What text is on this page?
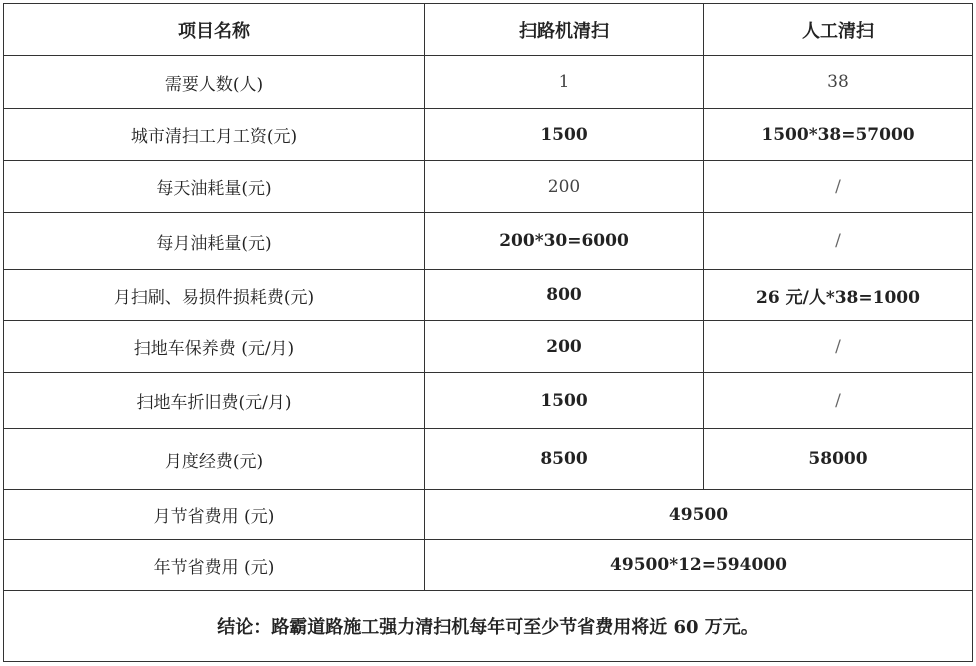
项目名称	扫路机清扫	人工清扫
需要人数(人)	1	38
城市清扫工月工资(元)	1500	1500*38=57000
每天油耗量(元)	200	/
每月油耗量(元)	200*30=6000	/
月扫刷、易损件损耗费(元)	800	26 元/人*38=1000
扫地车保养费 (元/月)	200	/
扫地车折旧费(元/月)	1500	/
月度经费(元)	8500	58000
月节省费用 (元)	49500	
年节省费用 (元)	49500*12=594000	
结论：路霸道路施工强力清扫机每年可至少节省费用将近 60 万元。		
